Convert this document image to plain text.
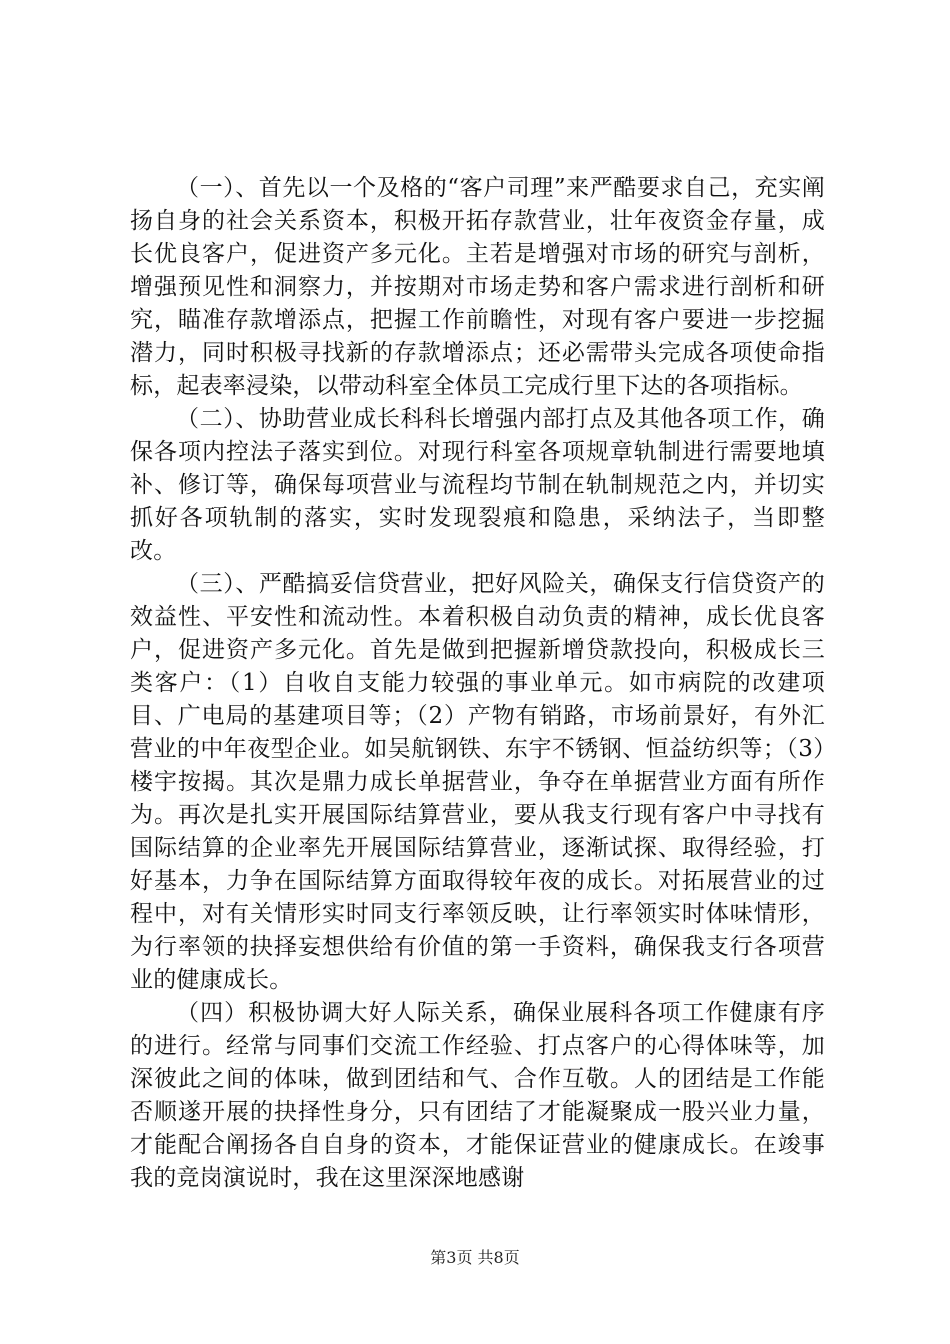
（一）、首先以一个及格的“客户司理”来严酷要求自己，充实阐扬自身的社会关系资本，积极开拓存款营业，壮年夜资金存量，成长优良客户，促进资产多元化。主若是增强对市场的研究与剖析，增强预见性和洞察力，并按期对市场走势和客户需求进行剖析和研究，瞄准存款增添点，把握工作前瞻性，对现有客户要进一步挖掘潜力，同时积极寻找新的存款增添点；还必需带头完成各项使命指标，起表率浸染，以带动科室全体员工完成行里下达的各项指标。

（二）、协助营业成长科科长增强内部打点及其他各项工作，确保各项内控法子落实到位。对现行科室各项规章轨制进行需要地填补、修订等，确保每项营业与流程均节制在轨制规范之内，并切实抓好各项轨制的落实，实时发现裂痕和隐患，采纳法子，当即整改。

（三）、严酷搞妥信贷营业，把好风险关，确保支行信贷资产的效益性、平安性和流动性。本着积极自动负责的精神，成长优良客户，促进资产多元化。首先是做到把握新增贷款投向，积极成长三类客户：（1）自收自支能力较强的事业单元。如市病院的改建项目、广电局的基建项目等；（2）产物有销路，市场前景好，有外汇营业的中年夜型企业。如吴航钢铁、东宇不锈钢、恒益纺织等；（3）楼宇按揭。其次是鼎力成长单据营业，争夺在单据营业方面有所作为。再次是扎实开展国际结算营业，要从我支行现有客户中寻找有国际结算的企业率先开展国际结算营业，逐渐试探、取得经验，打好基本，力争在国际结算方面取得较年夜的成长。对拓展营业的过程中，对有关情形实时同支行率领反映，让行率领实时体味情形，为行率领的抉择妄想供给有价值的第一手资料，确保我支行各项营业的健康成长。

（四）积极协调大好人际关系，确保业展科各项工作健康有序的进行。经常与同事们交流工作经验、打点客户的心得体味等，加深彼此之间的体味，做到团结和气、合作互敬。人的团结是工作能否顺遂开展的抉择性身分，只有团结了才能凝聚成一股兴业力量，才能配合阐扬各自自身的资本，才能保证营业的健康成长。在竣事我的竞岗演说时，我在这里深深地感谢

第3页 共8页
